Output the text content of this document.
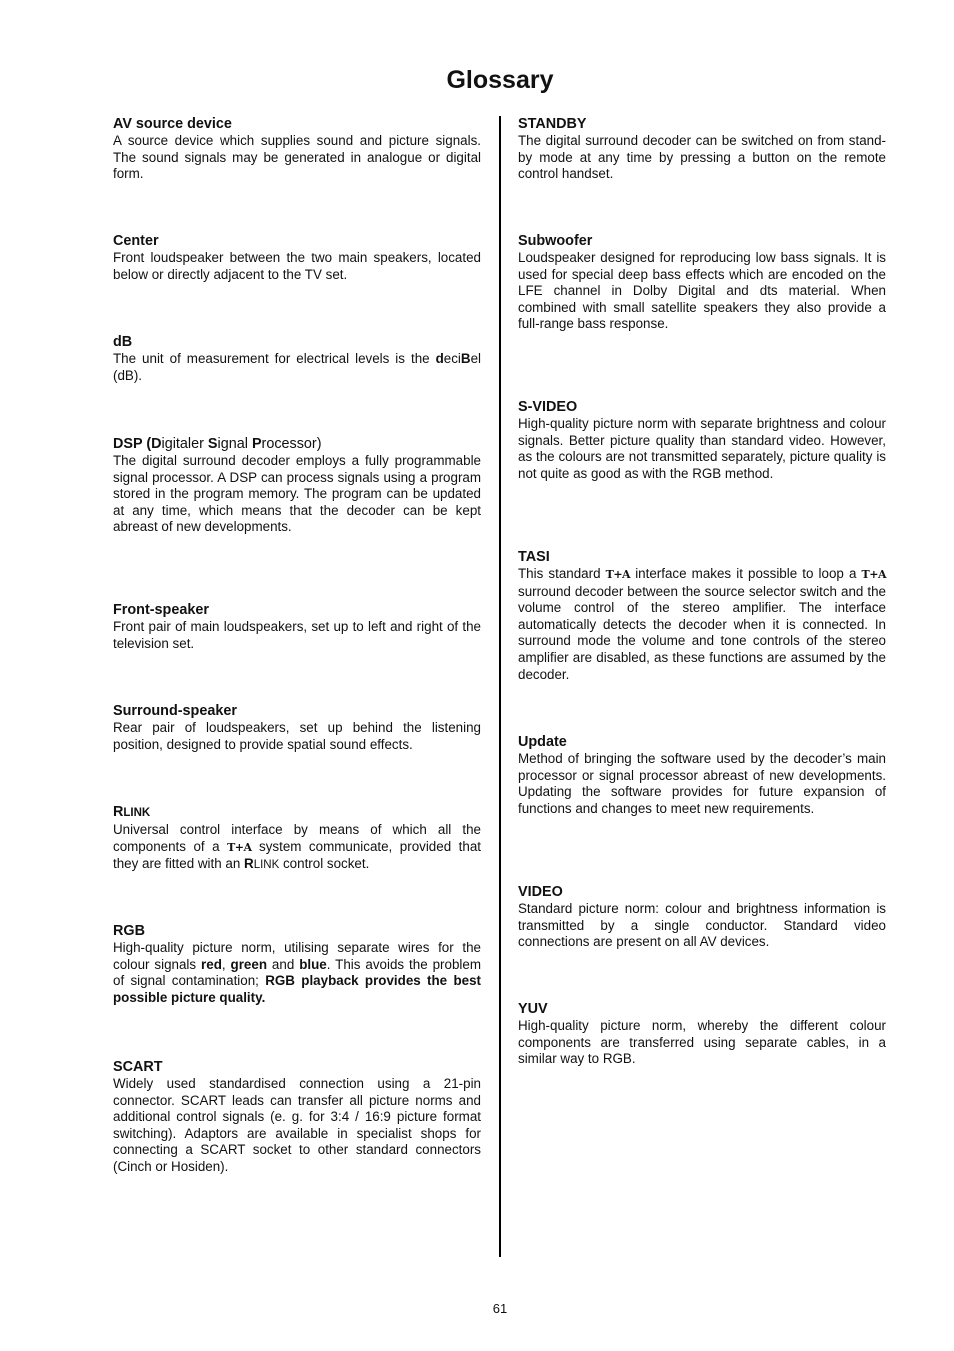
Glossary
AV source device
A source device which supplies sound and picture signals. The sound signals may be generated in analogue or digital form.
Center
Front loudspeaker between the two main speakers, located below or directly adjacent to the TV set.
dB
The unit of measurement for electrical levels is the deciBel (dB).
DSP (Digitaler Signal Processor)
The digital surround decoder employs a fully programmable signal processor. A DSP can process signals using a program stored in the program memory. The program can be updated at any time, which means that the decoder can be kept abreast of new developments.
Front-speaker
Front pair of main loudspeakers, set up to left and right of the television set.
Surround-speaker
Rear pair of loudspeakers, set up behind the listening position, designed to provide spatial sound effects.
RLINK
Universal control interface by means of which all the components of a T+A system communicate, provided that they are fitted with an RLINK control socket.
RGB
High-quality picture norm, utilising separate wires for the colour signals red, green and blue. This avoids the problem of signal contamination; RGB playback provides the best possible picture quality.
SCART
Widely used standardised connection using a 21-pin connector. SCART leads can transfer all picture norms and additional control signals (e. g. for 3:4 / 16:9 picture format switching). Adaptors are available in specialist shops for connecting a SCART socket to other standard connectors (Cinch or Hosiden).
STANDBY
The digital surround decoder can be switched on from stand-by mode at any time by pressing a button on the remote control handset.
Subwoofer
Loudspeaker designed for reproducing low bass signals. It is used for special deep bass effects which are encoded on the LFE channel in Dolby Digital and dts material. When combined with small satellite speakers they also provide a full-range bass response.
S-VIDEO
High-quality picture norm with separate brightness and colour signals. Better picture quality than standard video. However, as the colours are not transmitted separately, picture quality is not quite as good as with the RGB method.
TASI
This standard T+A interface makes it possible to loop a T+A surround decoder between the source selector switch and the volume control of the stereo amplifier. The interface automatically detects the decoder when it is connected. In surround mode the volume and tone controls of the stereo amplifier are disabled, as these functions are assumed by the decoder.
Update
Method of bringing the software used by the decoder’s main processor or signal processor abreast of new developments. Updating the software provides for future expansion of functions and changes to meet new requirements.
VIDEO
Standard picture norm: colour and brightness information is transmitted by a single conductor. Standard video connections are present on all AV devices.
YUV
High-quality picture norm, whereby the different colour components are transferred using separate cables, in a similar way to RGB.
61
